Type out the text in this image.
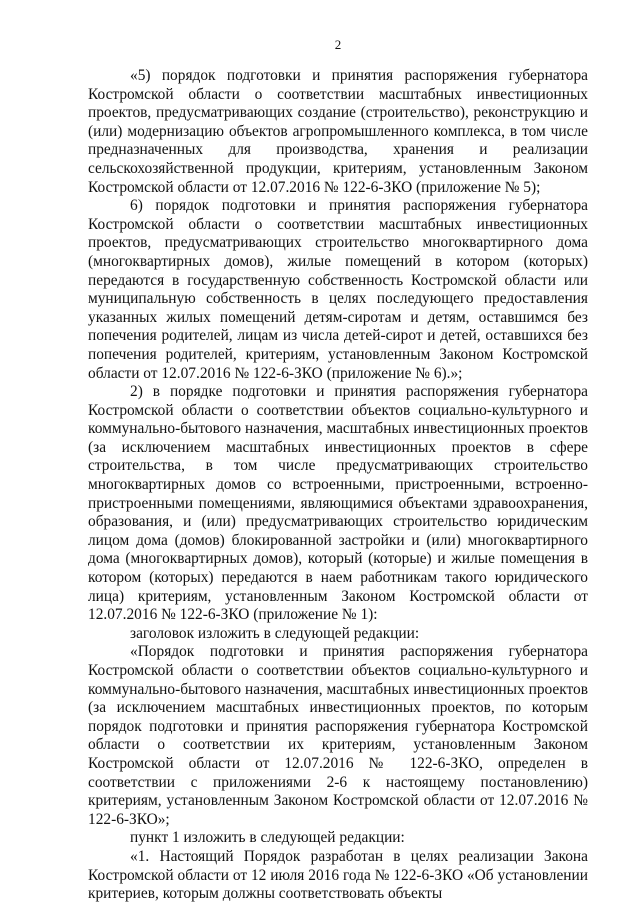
2

«5) порядок подготовки и принятия распоряжения губернатора Костромской области о соответствии масштабных инвестиционных проектов, предусматривающих создание (строительство), реконструкцию и (или) модернизацию объектов агропромышленного комплекса, в том числе предназначенных для производства, хранения и реализации сельскохозяйственной продукции, критериям, установленным Законом Костромской области от 12.07.2016 № 122-6-ЗКО (приложение № 5);

6) порядок подготовки и принятия распоряжения губернатора Костромской области о соответствии масштабных инвестиционных проектов, предусматривающих строительство многоквартирного дома (многоквартирных домов), жилые помещений в котором (которых) передаются в государственную собственность Костромской области или муниципальную собственность в целях последующего предоставления указанных жилых помещений детям-сиротам и детям, оставшимся без попечения родителей, лицам из числа детей-сирот и детей, оставшихся без попечения родителей, критериям, установленным Законом Костромской области от 12.07.2016 № 122-6-ЗКО (приложение № 6).»;

2) в порядке подготовки и принятия распоряжения губернатора Костромской области о соответствии объектов социально-культурного и коммунально-бытового назначения, масштабных инвестиционных проектов (за исключением масштабных инвестиционных проектов в сфере строительства, в том числе предусматривающих строительство многоквартирных домов со встроенными, пристроенными, встроенно-пристроенными помещениями, являющимися объектами здравоохранения, образования, и (или) предусматривающих строительство юридическим лицом дома (домов) блокированной застройки и (или) многоквартирного дома (многоквартирных домов), который (которые) и жилые помещения в котором (которых) передаются в наем работникам такого юридического лица) критериям, установленным Законом Костромской области от 12.07.2016 № 122-6-ЗКО (приложение № 1):

заголовок изложить в следующей редакции:

«Порядок подготовки и принятия распоряжения губернатора Костромской области о соответствии объектов социально-культурного и коммунально-бытового назначения, масштабных инвестиционных проектов (за исключением масштабных инвестиционных проектов, по которым порядок подготовки и принятия распоряжения губернатора Костромской области о соответствии их критериям, установленным Законом Костромской области от 12.07.2016 № 122-6-ЗКО, определен в соответствии с приложениями 2-6 к настоящему постановлению) критериям, установленным Законом Костромской области от 12.07.2016 № 122-6-ЗКО»;

пункт 1 изложить в следующей редакции:

«1. Настоящий Порядок разработан в целях реализации Закона Костромской области от 12 июля 2016 года № 122-6-ЗКО «Об установлении критериев, которым должны соответствовать объекты
